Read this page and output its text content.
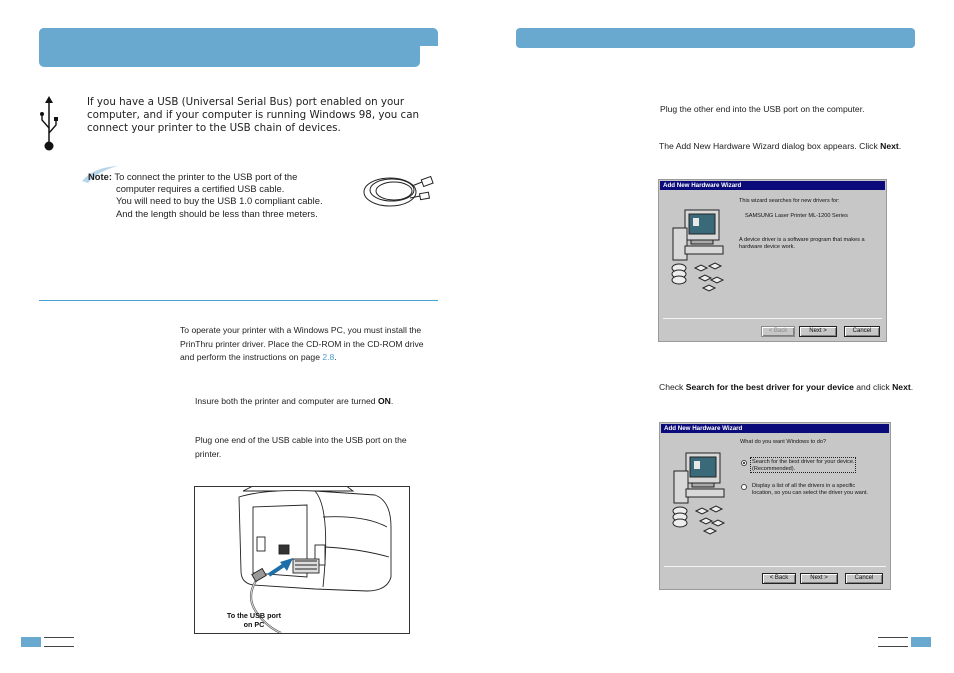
If you have a USB (Universal Serial Bus) port enabled on your computer, and if your computer is running Windows 98, you can connect your printer to the USB chain of devices.
Note: To connect the printer to the USB port of the
computer requires a certified USB cable.
You will need to buy the USB 1.0 compliant cable.
And the length should be less than three meters.
To operate your printer with a Windows PC, you must install the PrinThru printer driver. Place the CD-ROM in the CD-ROM drive and perform the instructions on page 2.8.
Insure both the printer and computer are turned ON.
Plug one end of the USB cable into the USB port on the printer.
To the USB port
on PC
Plug the other end into the USB port on the computer.
The Add New Hardware Wizard dialog box appears. Click Next.
Add New Hardware Wizard
This wizard searches for new drivers for:
SAMSUNG Laser Printer ML-1200 Series
A device driver is a software program that makes a
hardware device work.
< Back	Next >	Cancel
Check Search for the best driver for your device and click Next.
Add New Hardware Wizard
What do you want Windows to do?
Search for the best driver for your device.
(Recommended).
Display a list of all the drivers in a specific
location, so you can select the driver you want.
< Back	Next >	Cancel
